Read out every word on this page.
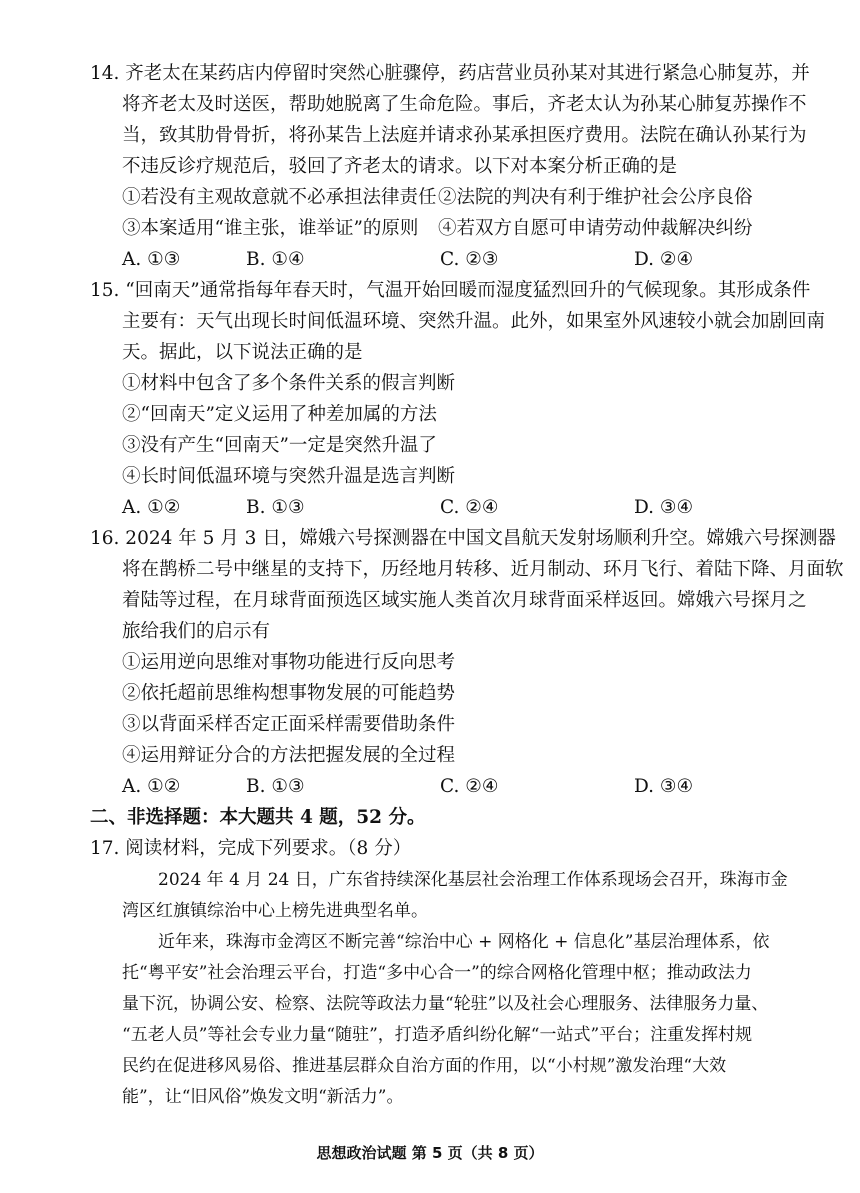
14. 齐老太在某药店内停留时突然心脏骤停，药店营业员孙某对其进行紧急心肺复苏，并
将齐老太及时送医，帮助她脱离了生命危险。事后，齐老太认为孙某心肺复苏操作不
当，致其肋骨骨折，将孙某告上法庭并请求孙某承担医疗费用。法院在确认孙某行为
不违反诊疗规范后，驳回了齐老太的请求。以下对本案分析正确的是
①若没有主观故意就不必承担法律责任 ②法院的判决有利于维护社会公序良俗
③本案适用“谁主张，谁举证”的原则 ④若双方自愿可申请劳动仲裁解决纠纷
A. ①③	B. ①④	C. ②③	D. ②④
15. “回南天”通常指每年春天时，气温开始回暖而湿度猛烈回升的气候现象。其形成条件
主要有：天气出现长时间低温环境、突然升温。此外，如果室外风速较小就会加剧回南
天。据此，以下说法正确的是
①材料中包含了多个条件关系的假言判断
②“回南天”定义运用了种差加属的方法
③没有产生“回南天”一定是突然升温了
④长时间低温环境与突然升温是选言判断
A. ①②	B. ①③	C. ②④	D. ③④
16. 2024 年 5 月 3 日，嫦娥六号探测器在中国文昌航天发射场顺利升空。嫦娥六号探测器
将在鹊桥二号中继星的支持下，历经地月转移、近月制动、环月飞行、着陆下降、月面软
着陆等过程，在月球背面预选区域实施人类首次月球背面采样返回。嫦娥六号探月之
旅给我们的启示有
①运用逆向思维对事物功能进行反向思考
②依托超前思维构想事物发展的可能趋势
③以背面采样否定正面采样需要借助条件
④运用辩证分合的方法把握发展的全过程
A. ①②	B. ①③	C. ②④	D. ③④
二、非选择题：本大题共 4 题，52 分。
17. 阅读材料，完成下列要求。（8 分）
2024 年 4 月 24 日，广东省持续深化基层社会治理工作体系现场会召开，珠海市金
湾区红旗镇综治中心上榜先进典型名单。
近年来，珠海市金湾区不断完善“综治中心 + 网格化 + 信息化”基层治理体系，依
托“粤平安”社会治理云平台，打造“多中心合一”的综合网格化管理中枢；推动政法力
量下沉，协调公安、检察、法院等政法力量“轮驻”以及社会心理服务、法律服务力量、
“五老人员”等社会专业力量“随驻”，打造矛盾纠纷化解“一站式”平台；注重发挥村规
民约在促进移风易俗、推进基层群众自治方面的作用，以“小村规”激发治理“大效
能”，让“旧风俗”焕发文明“新活力”。
思想政治试题 第 5 页（共 8 页）
